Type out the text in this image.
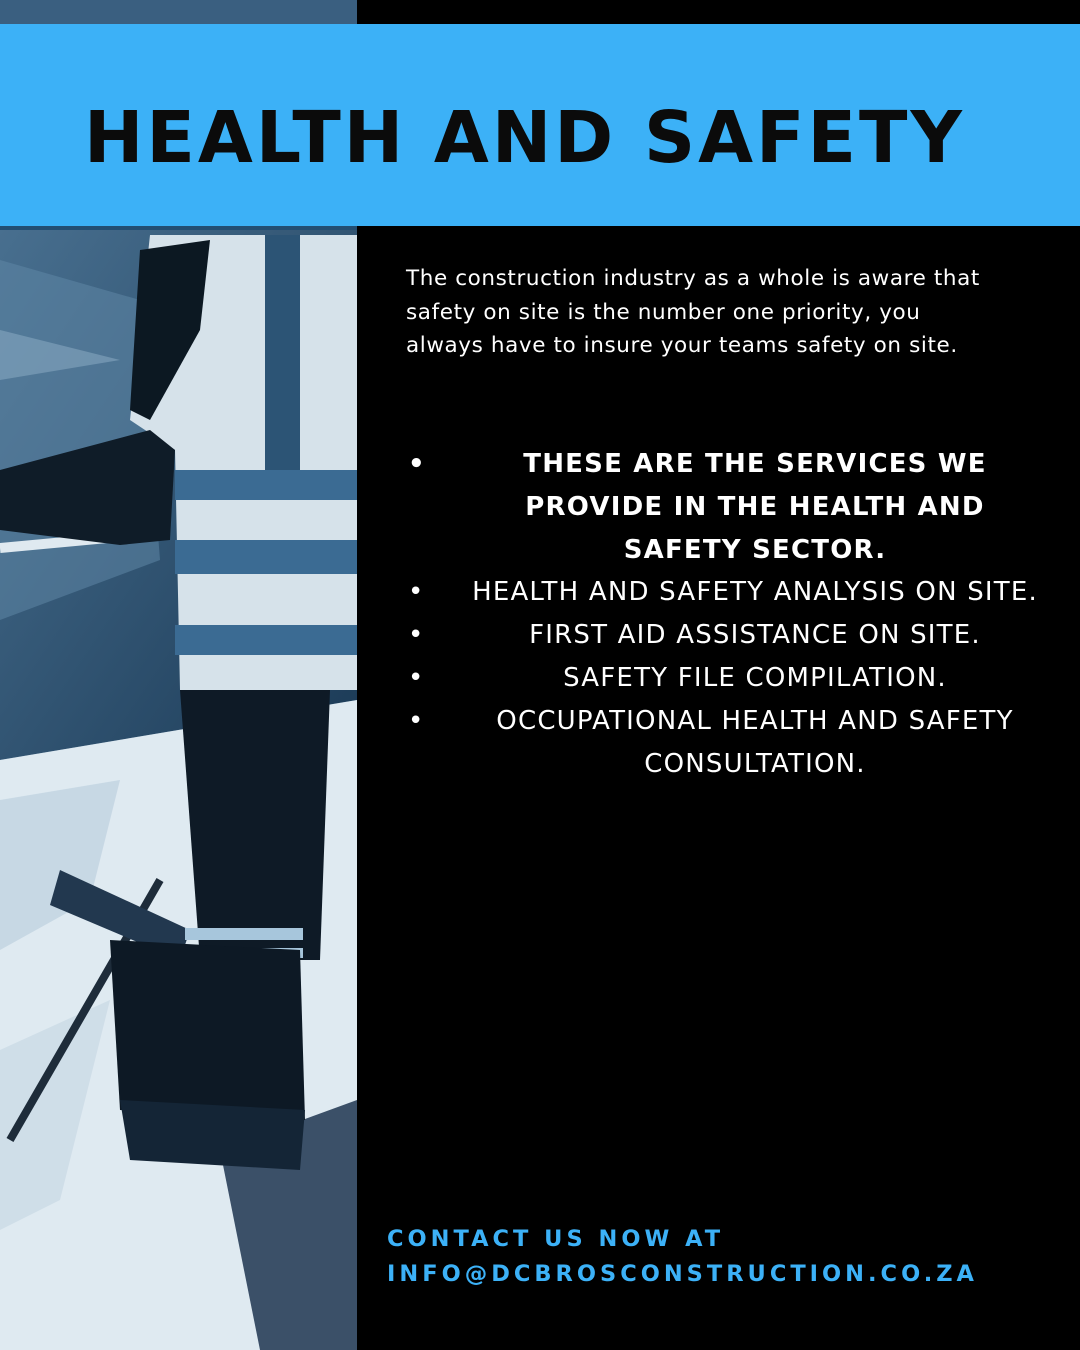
HEALTH AND SAFETY

The construction industry as a whole is aware that safety on site is the number one priority, you always have to insure your teams safety on site.

•	THESE ARE THE SERVICES WE PROVIDE IN THE HEALTH AND SAFETY SECTOR.
• HEALTH AND SAFETY ANALYSIS ON SITE.
•	FIRST AID ASSISTANCE ON SITE.
•	SAFETY FILE COMPILATION.
•	OCCUPATIONAL HEALTH AND SAFETY CONSULTATION.
CONTACT US NOW AT
INFO@DCBROSCONSTRUCTION.CO.ZA
